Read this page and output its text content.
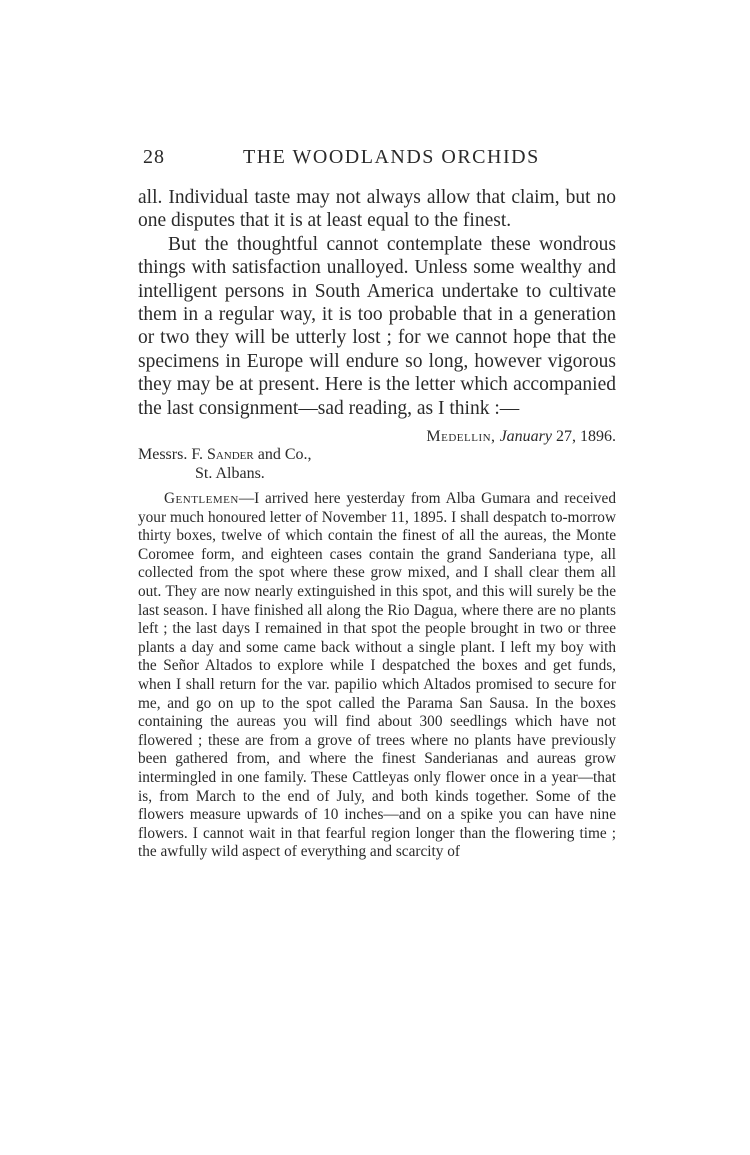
28	THE WOODLANDS ORCHIDS

all. Individual taste may not always allow that claim, but no one disputes that it is at least equal to the finest.

But the thoughtful cannot contemplate these wondrous things with satisfaction unalloyed. Unless some wealthy and intelligent persons in South America undertake to cultivate them in a regular way, it is too probable that in a generation or two they will be utterly lost ; for we cannot hope that the specimens in Europe will endure so long, however vigorous they may be at present. Here is the letter which accompanied the last consignment—sad reading, as I think :—

Medellin, January 27, 1896.
Messrs. F. Sander and Co.,
St. Albans.

Gentlemen—I arrived here yesterday from Alba Gumara and received your much honoured letter of November 11, 1895. I shall despatch to-morrow thirty boxes, twelve of which contain the finest of all the aureas, the Monte Coromee form, and eighteen cases contain the grand Sanderiana type, all collected from the spot where these grow mixed, and I shall clear them all out. They are now nearly extinguished in this spot, and this will surely be the last season. I have finished all along the Rio Dagua, where there are no plants left ; the last days I remained in that spot the people brought in two or three plants a day and some came back without a single plant. I left my boy with the Señor Altados to explore while I despatched the boxes and get funds, when I shall return for the var. papilio which Altados promised to secure for me, and go on up to the spot called the Parama San Sausa. In the boxes containing the aureas you will find about 300 seedlings which have not flowered ; these are from a grove of trees where no plants have previously been gathered from, and where the finest Sanderianas and aureas grow intermingled in one family. These Cattleyas only flower once in a year—that is, from March to the end of July, and both kinds together. Some of the flowers measure upwards of 10 inches—and on a spike you can have nine flowers. I cannot wait in that fearful region longer than the flowering time ; the awfully wild aspect of everything and scarcity of
